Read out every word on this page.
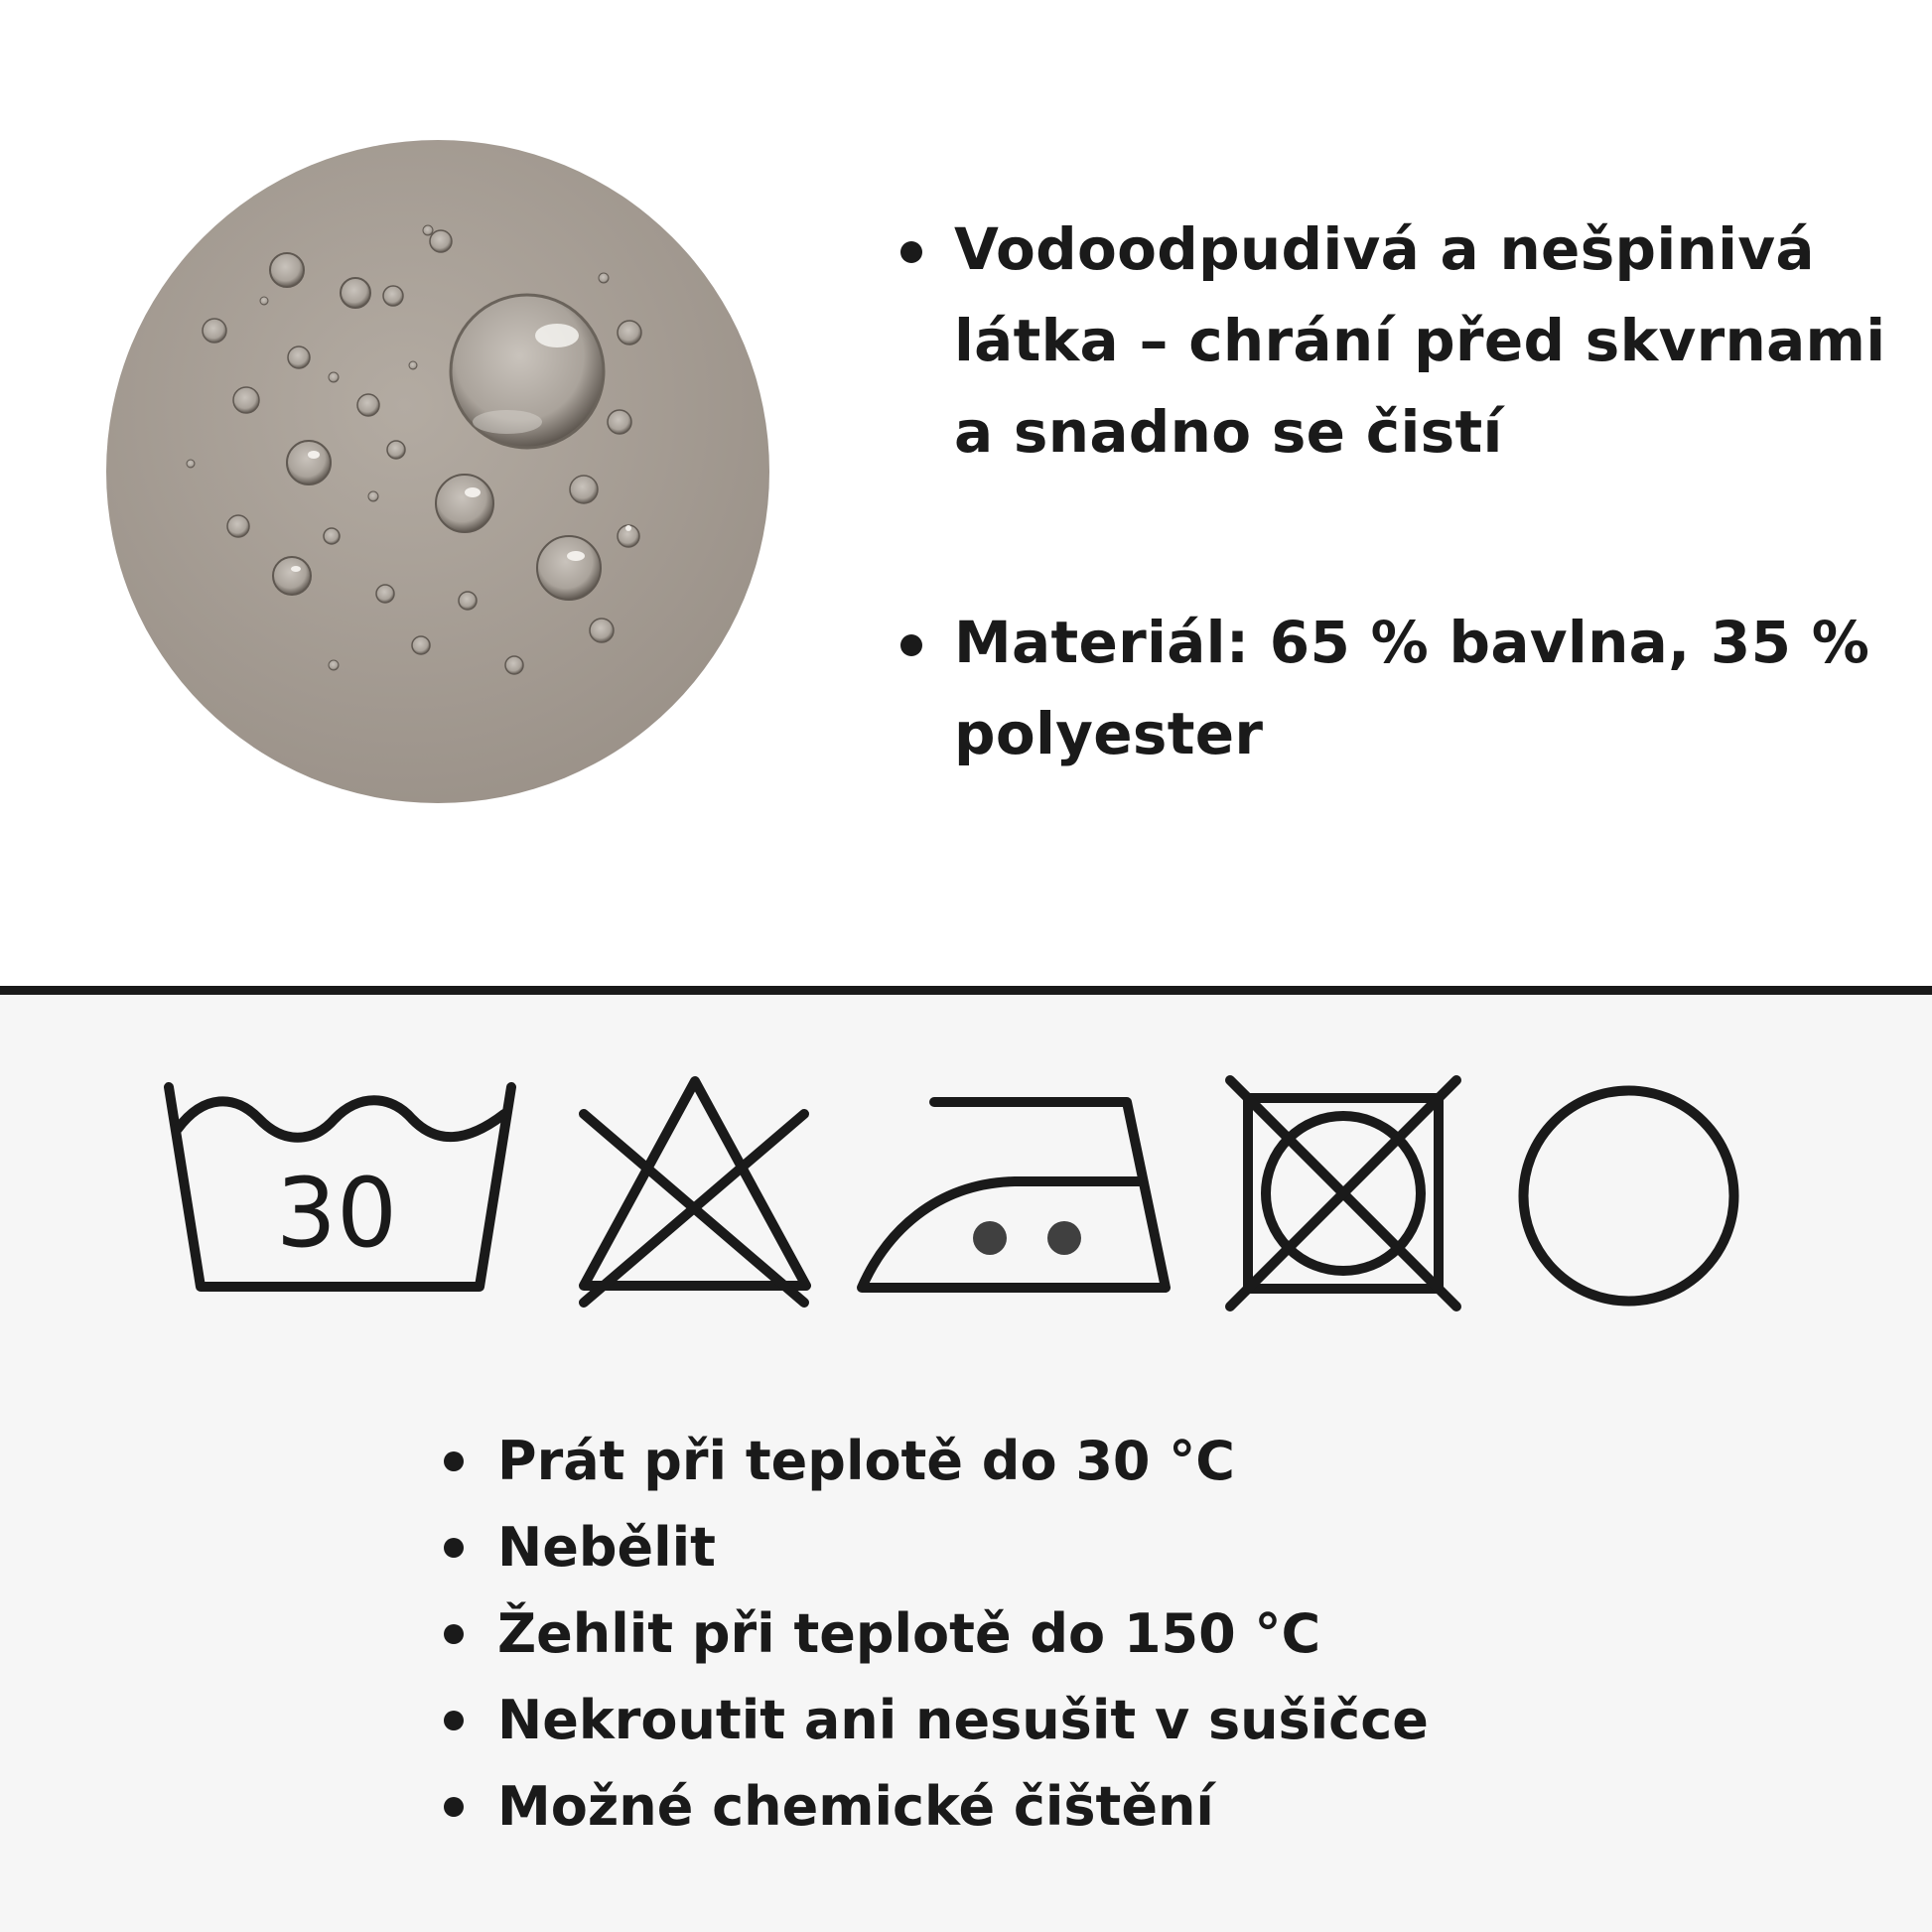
Vodoodpudivá a nešpinivá látka – chrání před skvrnami a snadno se čistí
Materiál: 65 % bavlna, 35 % polyester
30
Prát při teplotě do 30 °C
Nebělit
Žehlit při teplotě do 150 °C
Nekroutit ani nesušit v sušičce
Možné chemické čištění
